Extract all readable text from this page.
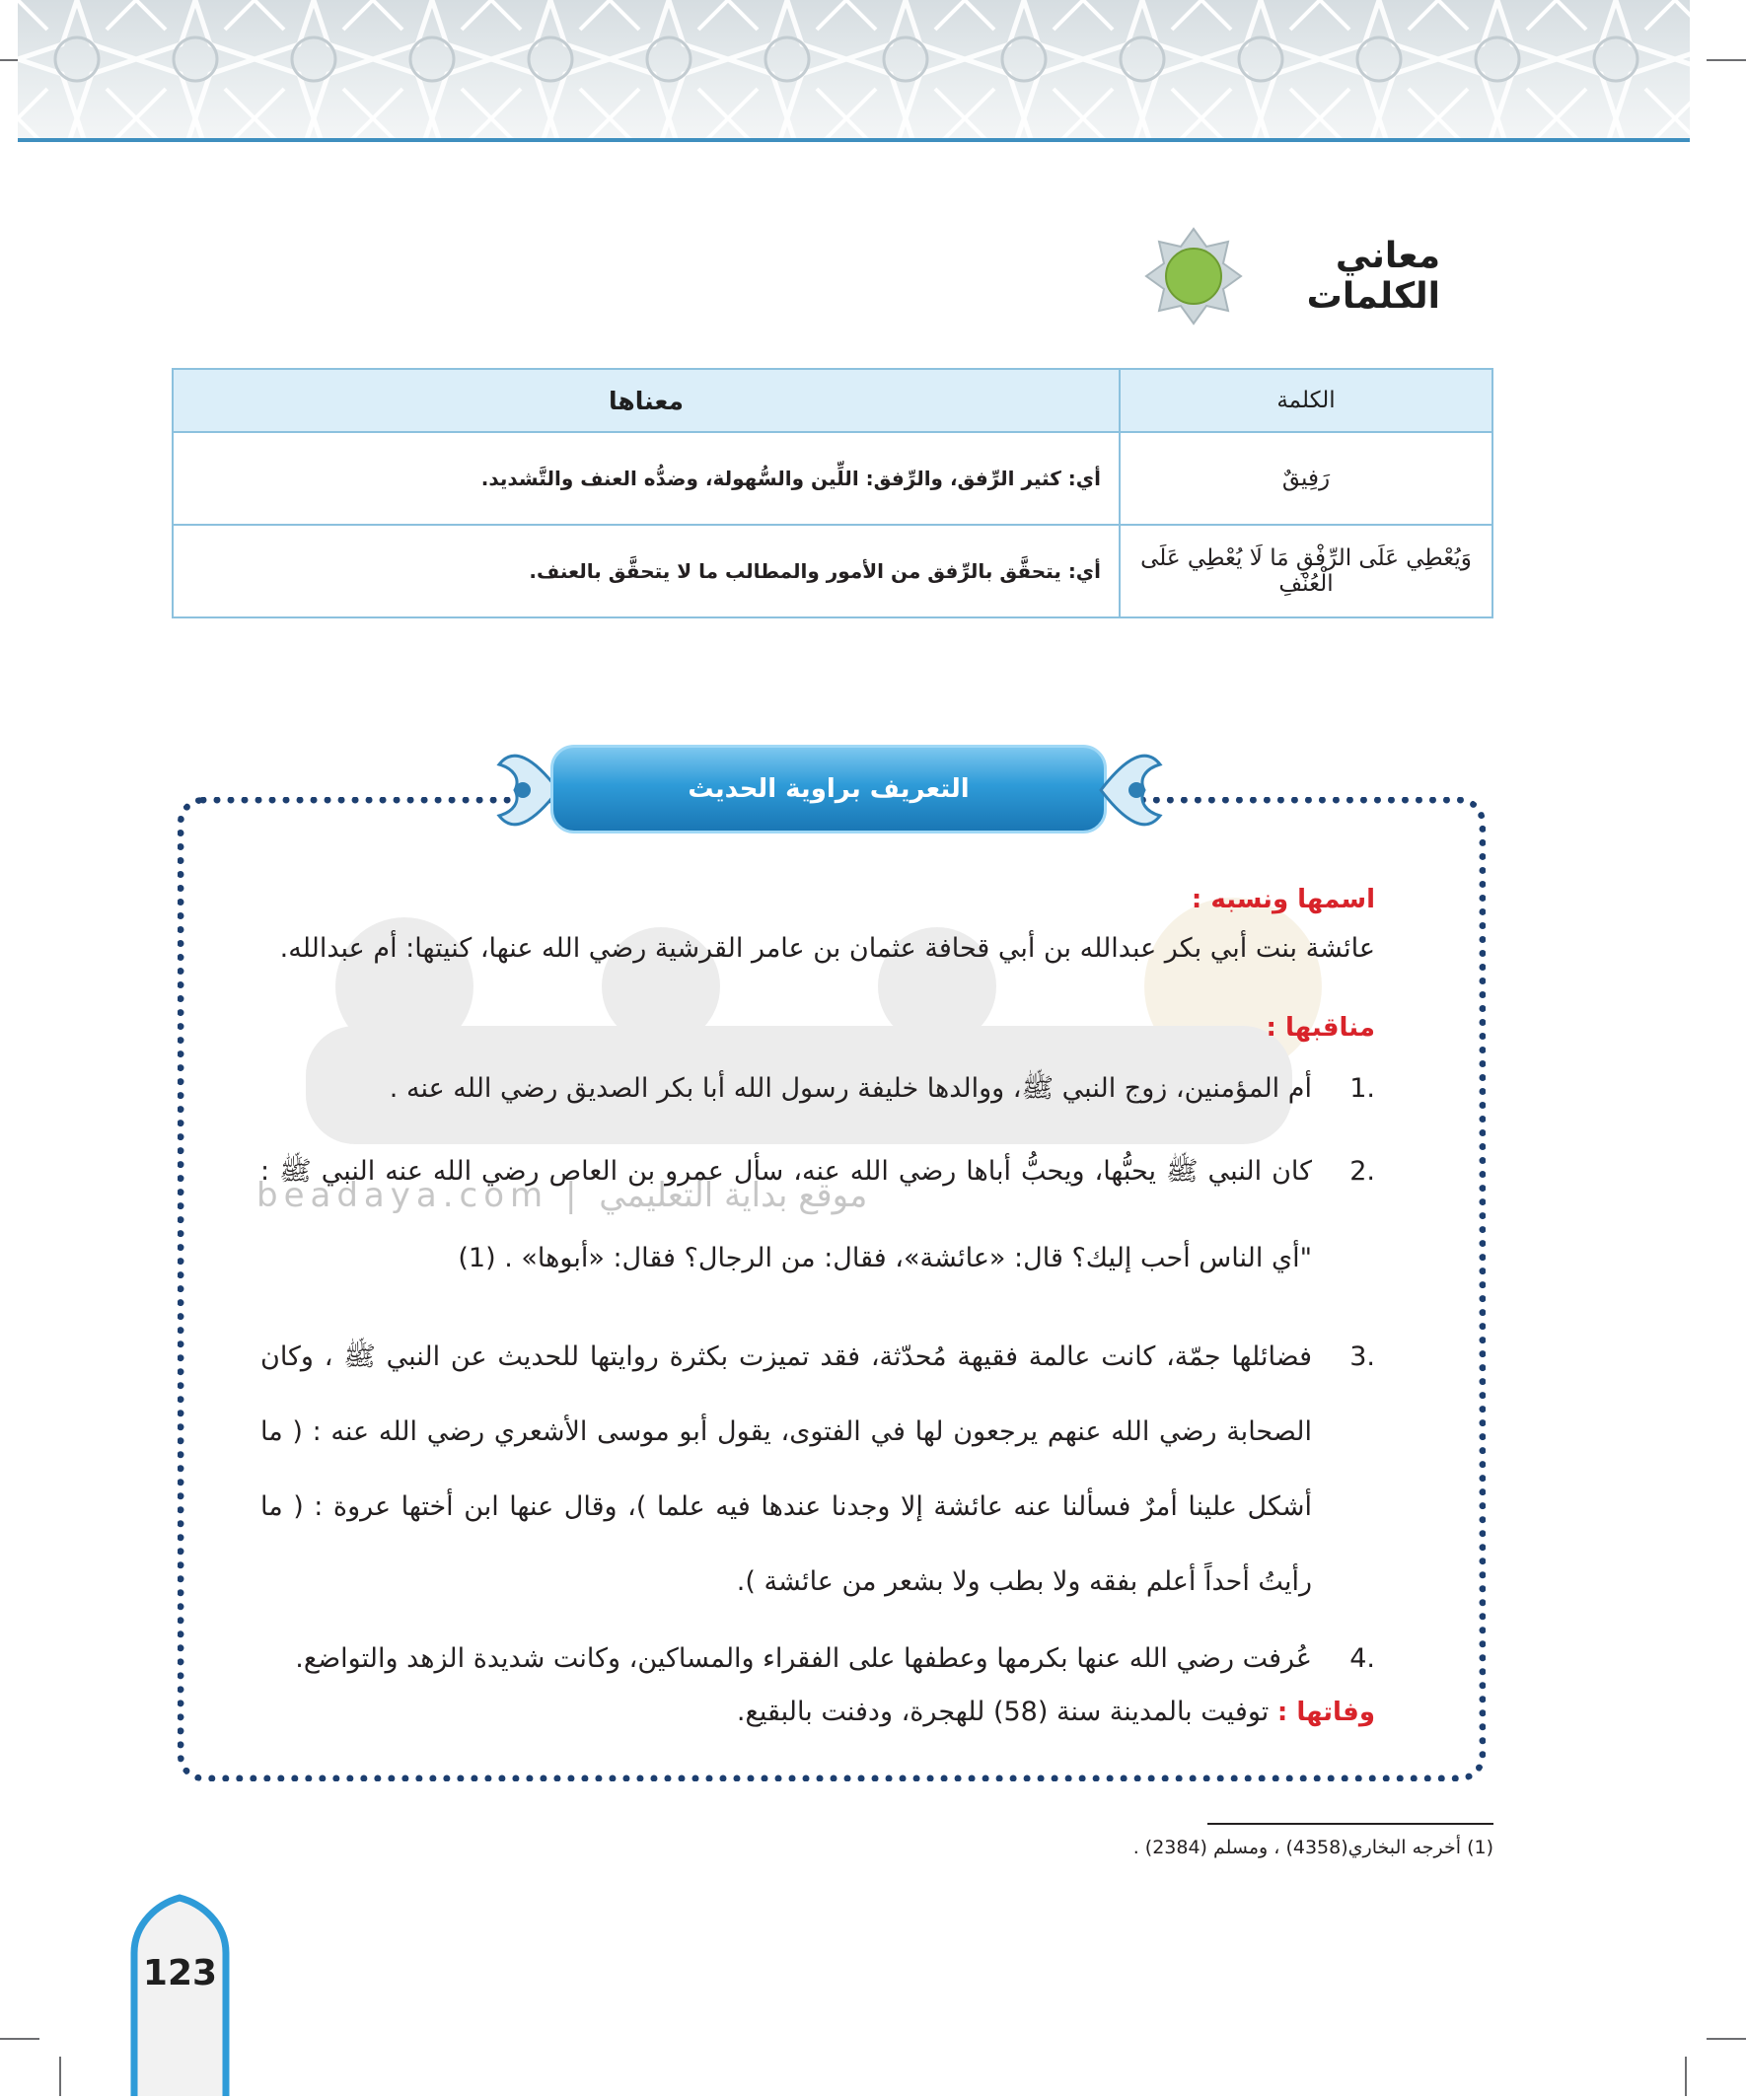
معاني الكلمات
الكلمة	معناها
رَفِيقٌ	أي: كثير الرِّفق، والرِّفق: اللِّين والسُّهولة، وضدُّه العنف والتَّشديد.
وَيُعْطِي عَلَى الرِّفْقِ مَا لَا يُعْطِي عَلَى الْعُنْفِ	أي: يتحقَّق بالرِّفق من الأمور والمطالب ما لا يتحقَّق بالعنف.
beadaya.com | موقع بداية التعليمي
التعريف براوية الحديث
اسمها ونسبه :
عائشة بنت أبي بكر عبدالله بن أبي قحافة عثمان بن عامر القرشية رضي الله عنها، كنيتها: أم عبدالله.
مناقبها :
1.
أم المؤمنين، زوج النبي ﷺ، ووالدها خليفة رسول الله أبا بكر الصديق رضي الله عنه .
2.
كان النبي ﷺ يحبُّها، ويحبُّ أباها رضي الله عنه، سأل عمرو بن العاص رضي الله عنه النبي ﷺ : "أي الناس أحب إليك؟ قال: «عائشة»، فقال: من الرجال؟ فقال: «أبوها» . (1)
3.
فضائلها جمّة، كانت عالمة فقيهة مُحدّثة، فقد تميزت بكثرة روايتها للحديث عن النبي ﷺ ، وكان الصحابة رضي الله عنهم يرجعون لها في الفتوى، يقول أبو موسى الأشعري رضي الله عنه : ( ما أشكل علينا أمرٌ فسألنا عنه عائشة إلا وجدنا عندها فيه علما )، وقال عنها ابن أختها عروة : ( ما رأيتُ أحداً أعلم بفقه ولا بطب ولا بشعر من عائشة ).
4.
عُرفت رضي الله عنها بكرمها وعطفها على الفقراء والمساكين، وكانت شديدة الزهد والتواضع.
وفاتها : توفيت بالمدينة سنة (58) للهجرة، ودفنت بالبقيع.
(1) أخرجه البخاري(4358) ، ومسلم (2384) .
123
